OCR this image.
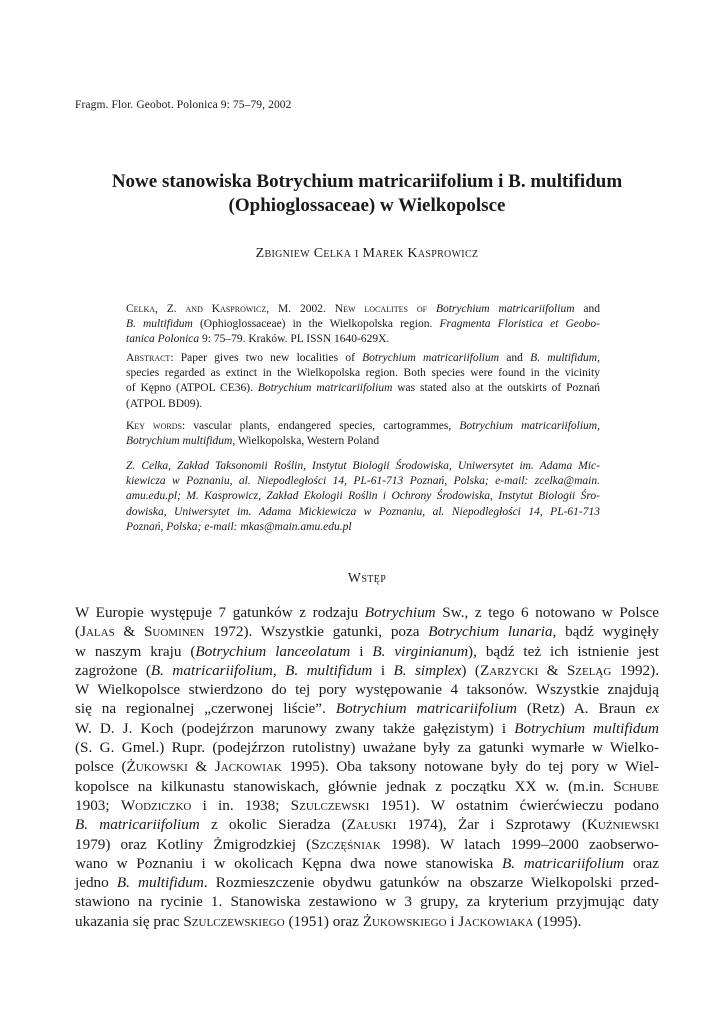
Fragm. Flor. Geobot. Polonica 9: 75–79, 2002
Nowe stanowiska Botrychium matricariifolium i B. multifidum
(Ophioglossaceae) w Wielkopolsce
Zbigniew Celka i Marek Kasprowicz
Celka, Z. and Kasprowicz, M. 2002. New localites of Botrychium matricariifolium and
B. multifidum (Ophioglossaceae) in the Wielkopolska region. Fragmenta Floristica et Geobo-
tanica Polonica 9: 75–79. Kraków. PL ISSN 1640-629X.
Abstract: Paper gives two new localities of Botrychium matricariifolium and B. multifidum,
species regarded as extinct in the Wielkopolska region. Both species were found in the vicinity
of Kępno (ATPOL CE36). Botrychium matricariifolium was stated also at the outskirts of Poznań
(ATPOL BD09).
Key words: vascular plants, endangered species, cartogrammes, Botrychium matricariifolium,
Botrychium multifidum, Wielkopolska, Western Poland
Z. Celka, Zakład Taksonomii Roślin, Instytut Biologii Środowiska, Uniwersytet im. Adama Mic-
kiewicza w Poznaniu, al. Niepodległości 14, PL-61-713 Poznań, Polska; e-mail: zcelka@main.
amu.edu.pl; M. Kasprowicz, Zakład Ekologii Roślin i Ochrony Środowiska, Instytut Biologii Śro-
dowiska, Uniwersytet im. Adama Mickiewicza w Poznaniu, al. Niepodległości 14, PL-61-713
Poznań, Polska; e-mail: mkas@main.amu.edu.pl
Wstęp
W Europie występuje 7 gatunków z rodzaju Botrychium Sw., z tego 6 notowano w Polsce
(Jalas & Suominen 1972). Wszystkie gatunki, poza Botrychium lunaria, bądź wyginęły
w naszym kraju (Botrychium lanceolatum i B. virginianum), bądź też ich istnienie jest
zagrożone (B. matricariifolium, B. multifidum i B. simplex) (Zarzycki & Szeląg 1992).
W Wielkopolsce stwierdzono do tej pory występowanie 4 taksonów. Wszystkie znajdują
się na regionalnej „czerwonej liście”. Botrychium matricariifolium (Retz) A. Braun ex
W. D. J. Koch (podejźrzon marunowy zwany także gałęzistym) i Botrychium multifidum
(S. G. Gmel.) Rupr. (podejźrzon rutolistny) uważane były za gatunki wymarłe w Wielko-
polsce (Żukowski & Jackowiak 1995). Oba taksony notowane były do tej pory w Wiel-
kopolsce na kilkunastu stanowiskach, głównie jednak z początku XX w. (m.in. Schube
1903; Wodziczko i in. 1938; Szulczewski 1951). W ostatnim ćwierćwieczu podano
B. matricariifolium z okolic Sieradza (Załuski 1974), Żar i Szprotawy (Kuźniewski
1979) oraz Kotliny Żmigrodzkiej (Szczęśniak 1998). W latach 1999–2000 zaobserwo-
wano w Poznaniu i w okolicach Kępna dwa nowe stanowiska B. matricariifolium oraz
jedno B. multifidum. Rozmieszczenie obydwu gatunków na obszarze Wielkopolski przed-
stawiono na rycinie 1. Stanowiska zestawiono w 3 grupy, za kryterium przyjmując daty
ukazania się prac Szulczewskiego (1951) oraz Żukowskiego i Jackowiaka (1995).
